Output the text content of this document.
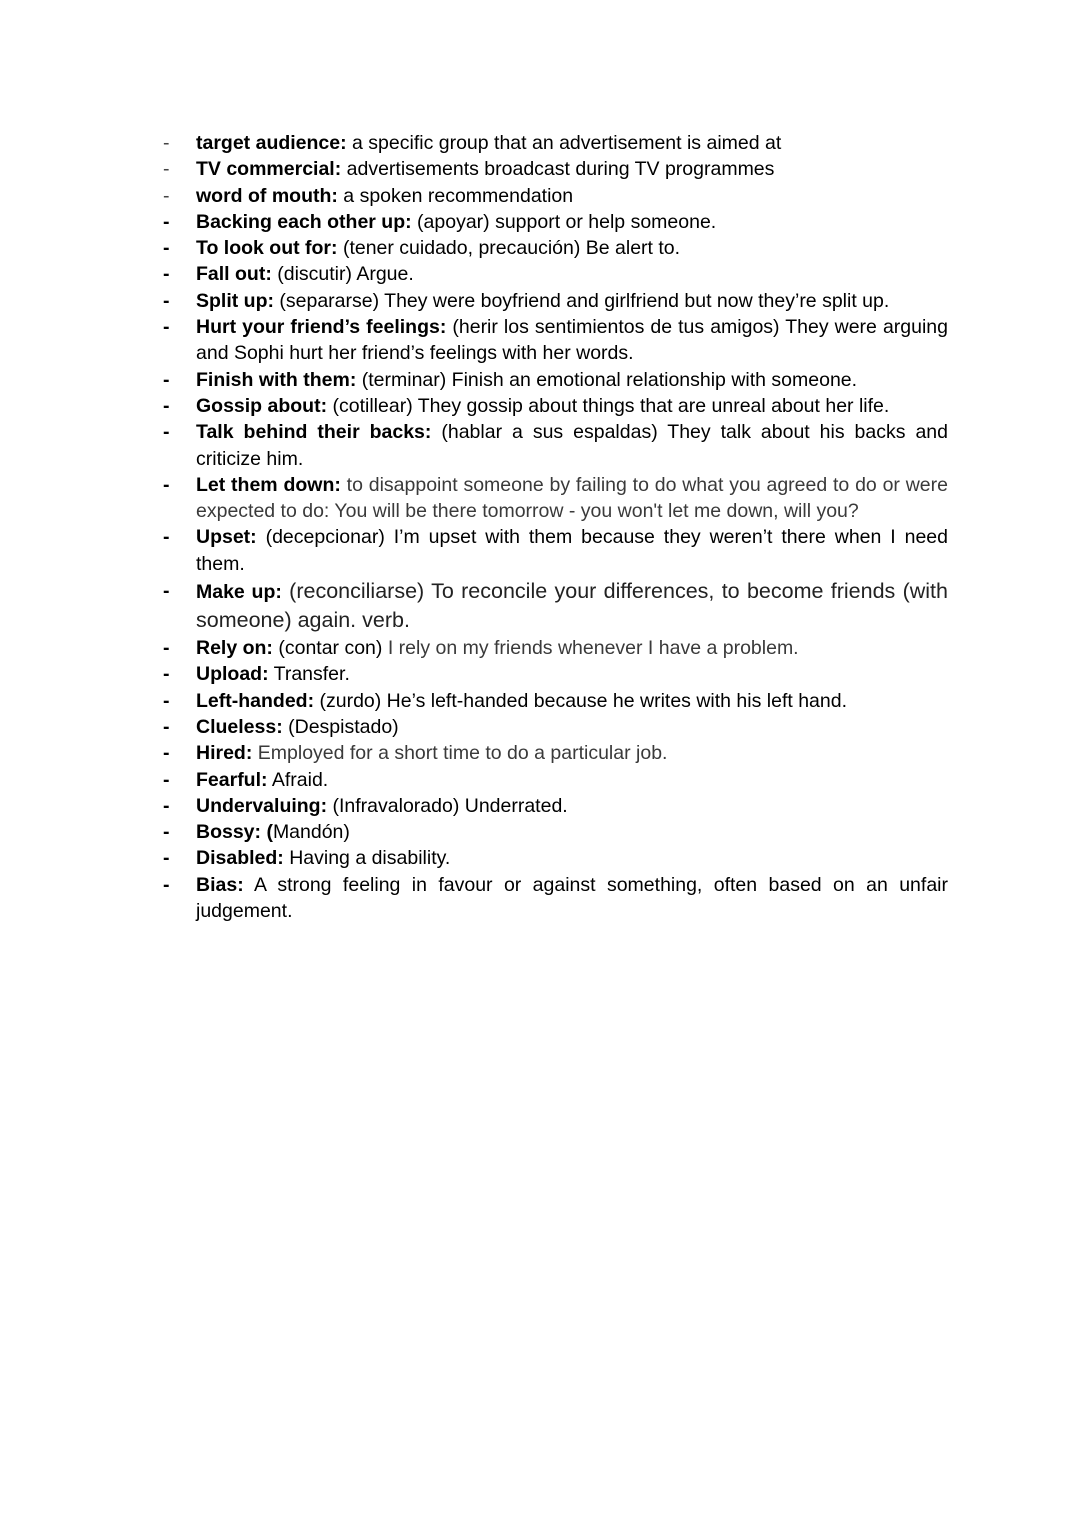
- target audience: a specific group that an advertisement is aimed at
- TV commercial: advertisements broadcast during TV programmes
- word of mouth: a spoken recommendation
- Backing each other up: (apoyar) support or help someone.
- To look out for: (tener cuidado, precaución) Be alert to.
- Fall out: (discutir) Argue.
- Split up: (separarse) They were boyfriend and girlfriend but now they’re split up.
- Hurt your friend’s feelings: (herir los sentimientos de tus amigos) They were arguing and Sophi hurt her friend’s feelings with her words.
- Finish with them: (terminar) Finish an emotional relationship with someone.
- Gossip about: (cotillear) They gossip about things that are unreal about her life.
- Talk behind their backs: (hablar a sus espaldas) They talk about his backs and criticize him.
- Let them down: to disappoint someone by failing to do what you agreed to do or were expected to do: You will be there tomorrow - you won't let me down, will you?
- Upset: (decepcionar) I’m upset with them because they weren’t there when I need them.
- Make up: (reconciliarse) To reconcile your differences, to become friends (with someone) again. verb.
- Rely on: (contar con) I rely on my friends whenever I have a problem.
- Upload: Transfer.
- Left-handed: (zurdo) He’s left-handed because he writes with his left hand.
- Clueless: (Despistado)
- Hired: Employed for a short time to do a particular job.
- Fearful: Afraid.
- Undervaluing: (Infravalorado) Underrated.
- Bossy: (Mandón)
- Disabled: Having a disability.
- Bias: A strong feeling in favour or against something, often based on an unfair judgement.
